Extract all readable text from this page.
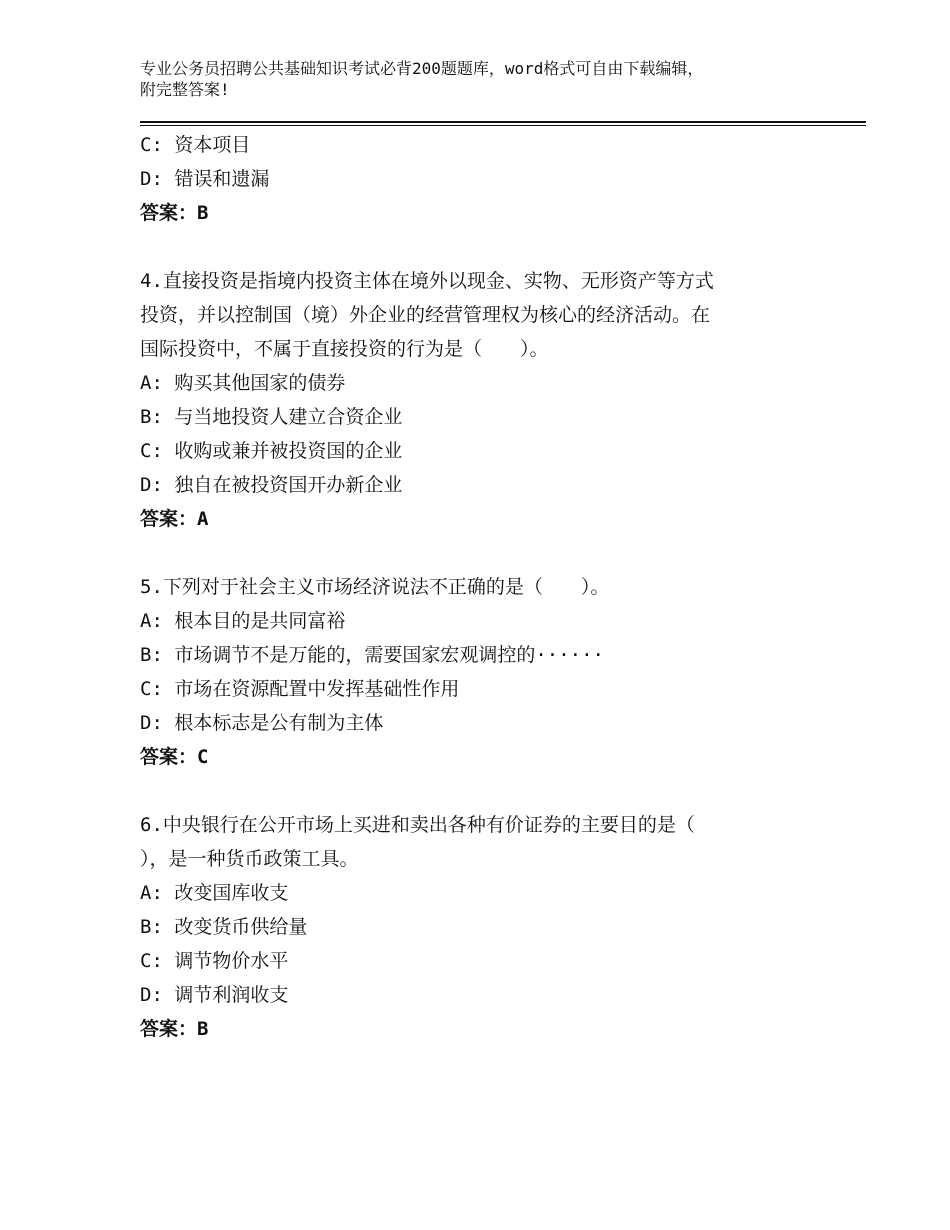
专业公务员招聘公共基础知识考试必背200题题库，word格式可自由下载编辑，
附完整答案!
C: 资本项目
D: 错误和遗漏
答案：B
4.直接投资是指境内投资主体在境外以现金、实物、无形资产等方式
投资，并以控制国（境）外企业的经营管理权为核心的经济活动。在
国际投资中，不属于直接投资的行为是（　　）。
A: 购买其他国家的债券
B: 与当地投资人建立合资企业
C: 收购或兼并被投资国的企业
D: 独自在被投资国开办新企业
答案：A
5.下列对于社会主义市场经济说法不正确的是（　　）。
A: 根本目的是共同富裕
B: 市场调节不是万能的，需要国家宏观调控的······
C: 市场在资源配置中发挥基础性作用
D: 根本标志是公有制为主体
答案：C
6.中央银行在公开市场上买进和卖出各种有价证券的主要目的是（
），是一种货币政策工具。
A: 改变国库收支
B: 改变货币供给量
C: 调节物价水平
D: 调节利润收支
答案：B
